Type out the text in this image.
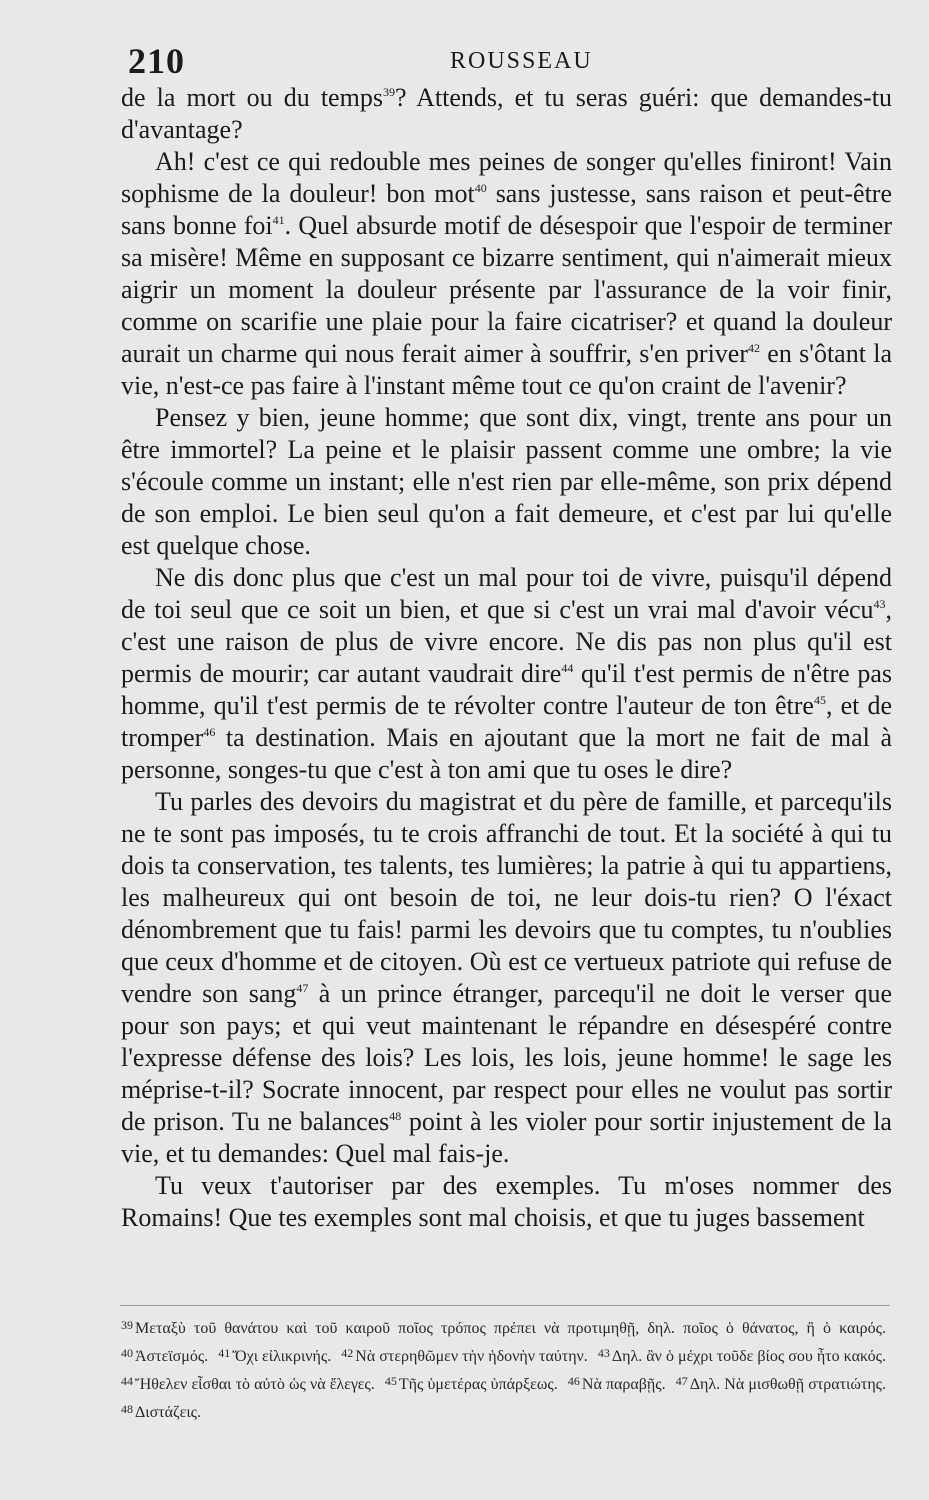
210	ROUSSEAU

de la mort ou du temps$^{39}$? Attends, et tu seras guéri: que demandes-tu d'avantage?

Ah! c'est ce qui redouble mes peines de songer qu'elles finiront! Vain sophisme de la douleur! bon mot$^{40}$ sans justesse, sans raison et peut-être sans bonne foi$^{41}$. Quel absurde motif de désespoir que l'espoir de terminer sa misère! Même en supposant ce bizarre sentiment, qui n'aimerait mieux aigrir un moment la douleur présente par l'assurance de la voir finir, comme on scarifie une plaie pour la faire cicatriser? et quand la douleur aurait un charme qui nous ferait aimer à souffrir, s'en priver$^{42}$ en s'ôtant la vie, n'est-ce pas faire à l'instant même tout ce qu'on craint de l'avenir?

Pensez y bien, jeune homme; que sont dix, vingt, trente ans pour un être immortel? La peine et le plaisir passent comme une ombre; la vie s'écoule comme un instant; elle n'est rien par elle-même, son prix dépend de son emploi. Le bien seul qu'on a fait demeure, et c'est par lui qu'elle est quelque chose.

Ne dis donc plus que c'est un mal pour toi de vivre, puisqu'il dépend de toi seul que ce soit un bien, et que si c'est un vrai mal d'avoir vécu$^{43}$, c'est une raison de plus de vivre encore. Ne dis pas non plus qu'il est permis de mourir; car autant vaudrait dire$^{44}$ qu'il t'est permis de n'être pas homme, qu'il t'est permis de te révolter contre l'auteur de ton être$^{45}$, et de tromper$^{46}$ ta destination. Mais en ajoutant que la mort ne fait de mal à personne, songes-tu que c'est à ton ami que tu oses le dire?

Tu parles des devoirs du magistrat et du père de famille, et parcequ'ils ne te sont pas imposés, tu te crois affranchi de tout. Et la société à qui tu dois ta conservation, tes talents, tes lumières; la patrie à qui tu appartiens, les malheureux qui ont besoin de toi, ne leur dois-tu rien? O l'éxact dénombrement que tu fais! parmi les devoirs que tu comptes, tu n'oublies que ceux d'homme et de citoyen. Où est ce vertueux patriote qui refuse de vendre son sang$^{47}$ à un prince étranger, parcequ'il ne doit le verser que pour son pays; et qui veut maintenant le répandre en désespéré contre l'expresse défense des lois? Les lois, les lois, jeune homme! le sage les méprise-t-il? Socrate innocent, par respect pour elles ne voulut pas sortir de prison. Tu ne balances$^{48}$ point à les violer pour sortir injustement de la vie, et tu demandes: Quel mal fais-je.

Tu veux t'autoriser par des exemples. Tu m'oses nommer des Romains! Que tes exemples sont mal choisis, et que tu juges bassement

$^{39}$ Μεταξὺ τοῦ θανάτου καὶ τοῦ καιροῦ ποῖος τρόπος πρέπει νὰ προτιμηθῇ, δηλ. ποῖος ὁ θάνατος, ἢ ὁ καιρός. $^{40}$ Ἀστεϊσμός. $^{41}$ Ὄχι εἰλικρινής. $^{42}$ Νὰ στερηθῶμεν τὴν ἡδονὴν ταύτην. $^{43}$ Δηλ. ἂν ὁ μέχρι τοῦδε βίος σου ἦτο κακός. $^{44}$ Ἤθελεν εἶσθαι τὸ αὐτὸ ὡς νὰ ἔλεγες. $^{45}$ Τῆς ὑμετέρας ὑπάρξεως. $^{46}$ Νὰ παραβῇς. $^{47}$ Δηλ. Νὰ μισθωθῇ στρατιώτης. $^{48}$ Διστάζεις.
